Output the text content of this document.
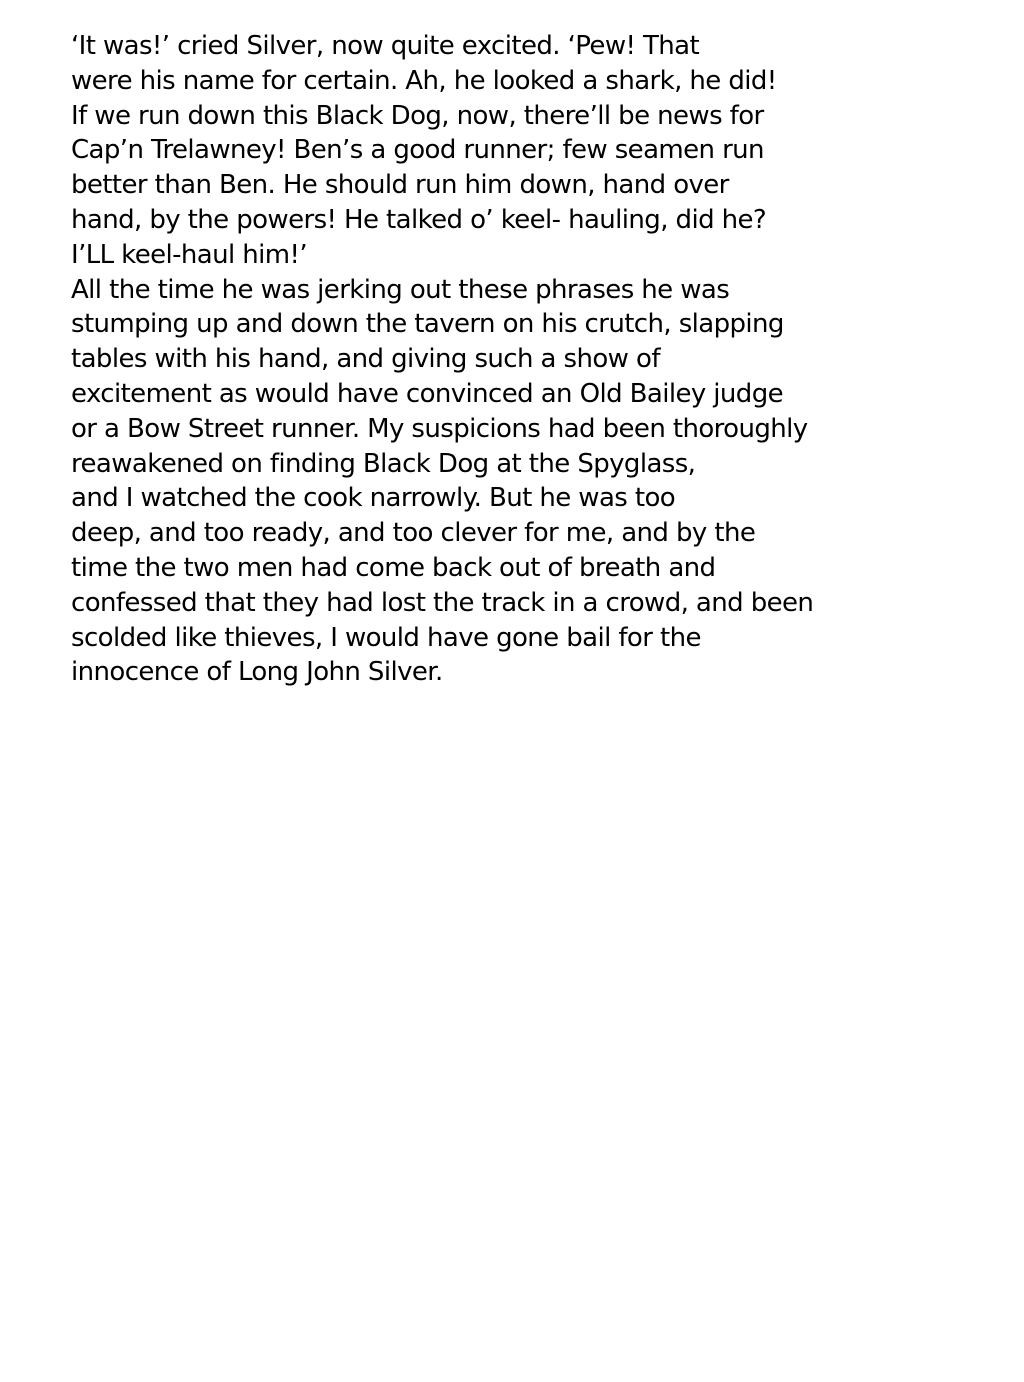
‘It was!’ cried Silver, now quite excited. ‘Pew! That
were his name for certain. Ah, he looked a shark, he did!
If we run down this Black Dog, now, there’ll be news for
Cap’n Trelawney! Ben’s a good runner; few seamen run
better than Ben. He should run him down, hand over
hand, by the powers! He talked o’ keel- hauling, did he?
I’LL keel-haul him!’
All the time he was jerking out these phrases he was
stumping up and down the tavern on his crutch, slapping
tables with his hand, and giving such a show of
excitement as would have convinced an Old Bailey judge
or a Bow Street runner. My suspicions had been thoroughly
reawakened on finding Black Dog at the Spyglass,
and I watched the cook narrowly. But he was too
deep, and too ready, and too clever for me, and by the
time the two men had come back out of breath and
confessed that they had lost the track in a crowd, and been
scolded like thieves, I would have gone bail for the
innocence of Long John Silver.
